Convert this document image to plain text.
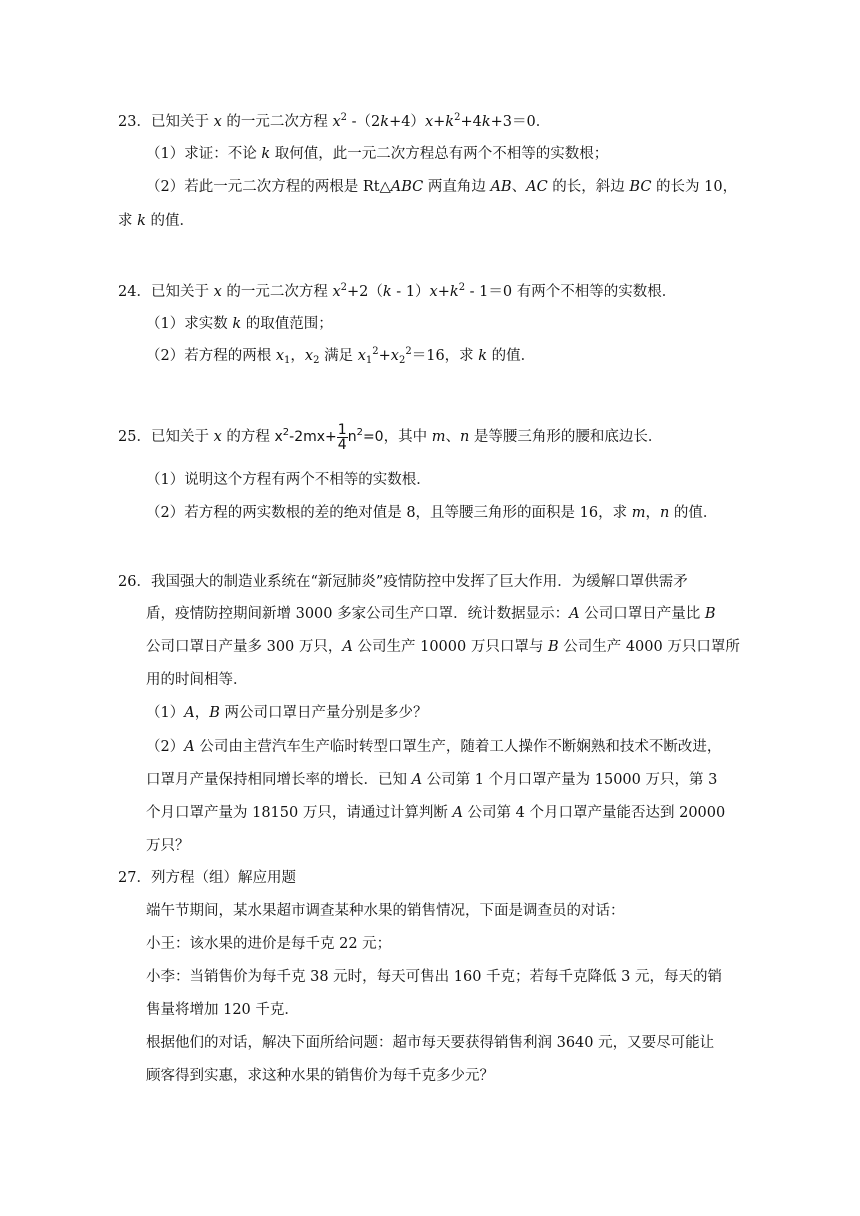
23．已知关于 x 的一元二次方程 $x^2$ $-(2k+4)x+k^2+4k+3=0$．
（1）求证：不论 k 取何值，此一元二次方程总有两个不相等的实数根；
（2）若此一元二次方程的两根是 Rt△ABC 两直角边 AB、AC 的长，斜边 BC 的长为 10，
求 k 的值．
24．已知关于 x 的一元二次方程 $x^2+2(k - 1)x+k^2 - 1=0$ 有两个不相等的实数根．
（1）求实数 k 的取值范围；
（2）若方程的两根 $x_1$，$x_2$ 满足 $x_1^2+x_2^2=16$，求 k 的值．
25．已知关于 x 的方程 $x^2-2mx+ \frac{1}{4} n^2=0$，其中 m、n 是等腰三角形的腰和底边长．
（1）说明这个方程有两个不相等的实数根．
（2）若方程的两实数根的差的绝对值是 8，且等腰三角形的面积是 16，求 m，n 的值．
26．我国强大的制造业系统在“新冠肺炎”疫情防控中发挥了巨大作用．为缓解口罩供需矛
盾，疫情防控期间新增 3000 多家公司生产口罩．统计数据显示：A 公司口罩日产量比 B
公司口罩日产量多 300 万只，A 公司生产 10000 万只口罩与 B 公司生产 4000 万只口罩所
用的时间相等．
（1）A，B 两公司口罩日产量分别是多少？
（2）A 公司由主营汽车生产临时转型口罩生产，随着工人操作不断娴熟和技术不断改进，
口罩月产量保持相同增长率的增长．已知 A 公司第 1 个月口罩产量为 15000 万只，第 3
个月口罩产量为 18150 万只，请通过计算判断 A 公司第 4 个月口罩产量能否达到 20000
万只？
27．列方程（组）解应用题
端午节期间，某水果超市调查某种水果的销售情况，下面是调查员的对话：
小王：该水果的进价是每千克 22 元；
小李：当销售价为每千克 38 元时，每天可售出 160 千克；若每千克降低 3 元，每天的销
售量将增加 120 千克．
根据他们的对话，解决下面所给问题：超市每天要获得销售利润 3640 元，又要尽可能让
顾客得到实惠，求这种水果的销售价为每千克多少元？
